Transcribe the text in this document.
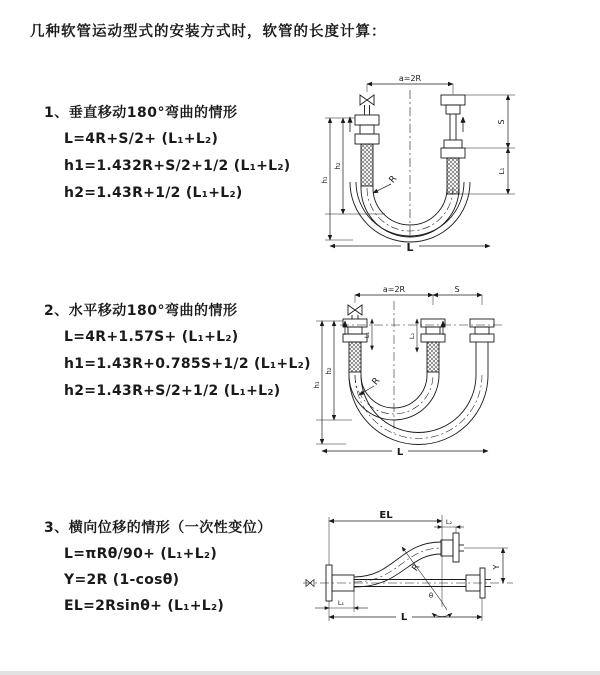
几种软管运动型式的安装方式时，软管的长度计算：
1、垂直移动180°弯曲的情形
L=4R+S/2+ (L₁+L₂)
h1=1.432R+S/2+1/2 (L₁+L₂)
h2=1.43R+1/2 (L₁+L₂)
2、水平移动180°弯曲的情形
L=4R+1.57S+ (L₁+L₂)
h1=1.43R+0.785S+1/2 (L₁+L₂)
h2=1.43R+S/2+1/2 (L₁+L₂)
3、横向位移的情形（一次性变位）
L=πRθ/90+ (L₁+L₂)
Y=2R (1-cosθ)
EL=2Rsinθ+ (L₁+L₂)
a=2R
S
L₁
h₂
h₁	R
L
a=2R	S
L₁	L₂
h₂
h₁	R
L
EL
L₂
Y
R
θ
L₁
L
